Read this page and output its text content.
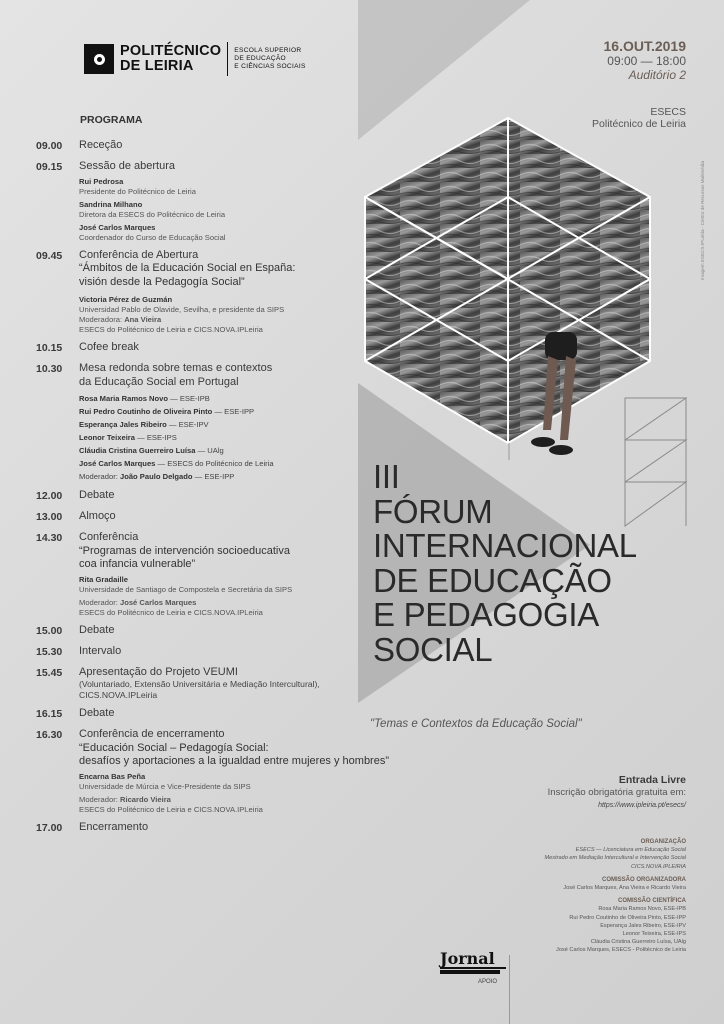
POLITÉCNICO
DE LEIRIA
ESCOLA SUPERIOR
DE EDUCAÇÃO
E CIÊNCIAS SOCIAIS
16.OUT.2019
09:00 — 18:00
Auditório 2
ESECS
Politécnico de Leiria
PROGRAMA
09.00	Receção
09.15	Sessão de abertura
Rui Pedrosa
Presidente do Politécnico de Leiria
Sandrina Milhano
Diretora da ESECS do Politécnico de Leiria
José Carlos Marques
Coordenador do Curso de Educação Social
09.45	Conferência de Abertura
“Ámbitos de la Educación Social en España:
visión desde la Pedagogía Social”
Victoria Pérez de Guzmán
Universidad Pablo de Olavide, Sevilha, e presidente da SIPS
Moderadora: Ana Vieira
ESECS do Politécnico de Leiria e CICS.NOVA.IPLeiria
10.15	Cofee break
10.30	Mesa redonda sobre temas e contextos
da Educação Social em Portugal
Rosa Maria Ramos Novo — ESE-IPB
Rui Pedro Coutinho de Oliveira Pinto — ESE-IPP
Esperança Jales Ribeiro — ESE-IPV
Leonor Teixeira — ESE-IPS
Cláudia Cristina Guerreiro Luísa — UAlg
José Carlos Marques — ESECS do Politécnico de Leiria
Moderador: João Paulo Delgado — ESE-IPP
12.00	Debate
13.00	Almoço
14.30	Conferência
“Programas de intervención socioeducativa
coa infancia vulnerable”
Rita Gradaille
Universidade de Santiago de Compostela e Secretária da SIPS
Moderador: José Carlos Marques
ESECS do Politécnico de Leiria e CICS.NOVA.IPLeiria
15.00	Debate
15.30	Intervalo
15.45	Apresentação do Projeto VEUMI
(Voluntariado, Extensão Universitária e Mediação Intercultural),
CICS.NOVA.IPLeiria
16.15	Debate
16.30	Conferência de encerramento
“Educación Social – Pedagogía Social:
desafíos y aportaciones a la igualdad entre mujeres y hombres”
Encarna Bas Peña
Universidade de Múrcia e Vice-Presidente da SIPS
Moderador: Ricardo Vieira
ESECS do Politécnico de Leiria e CICS.NOVA.IPLeiria
17.00	Encerramento
III
FÓRUM
INTERNACIONAL
DE EDUCAÇÃO
E PEDAGOGIA
SOCIAL
"Temas e Contextos da Educação Social"
Entrada Livre
Inscrição obrigatória gratuita em:
https://www.ipleiria.pt/esecs/
ORGANIZAÇÃO
ESECS — Licenciatura em Educação Social
Mestrado em Mediação Intercultural e Intervenção Social
CICS.NOVA.IPLEIRIA
COMISSÃO ORGANIZADORA
José Carlos Marques, Ana Vieira e Ricardo Vieira
COMISSÃO CIENTÍFICA
Rosa Maria Ramos Novo, ESE-IPB
Rui Pedro Coutinho de Oliveira Pinto, ESE-IPP
Esperança Jales Ribeiro, ESE-IPV
Leonor Teixeira, ESE-IPS
Cláudia Cristina Guerreiro Luísa, UAlg
José Carlos Marques, ESECS - Politécnico de Leiria
Jornal
APOIO
Imagem ESECS-IPLeiria · Centro de Recursos Multimédia
